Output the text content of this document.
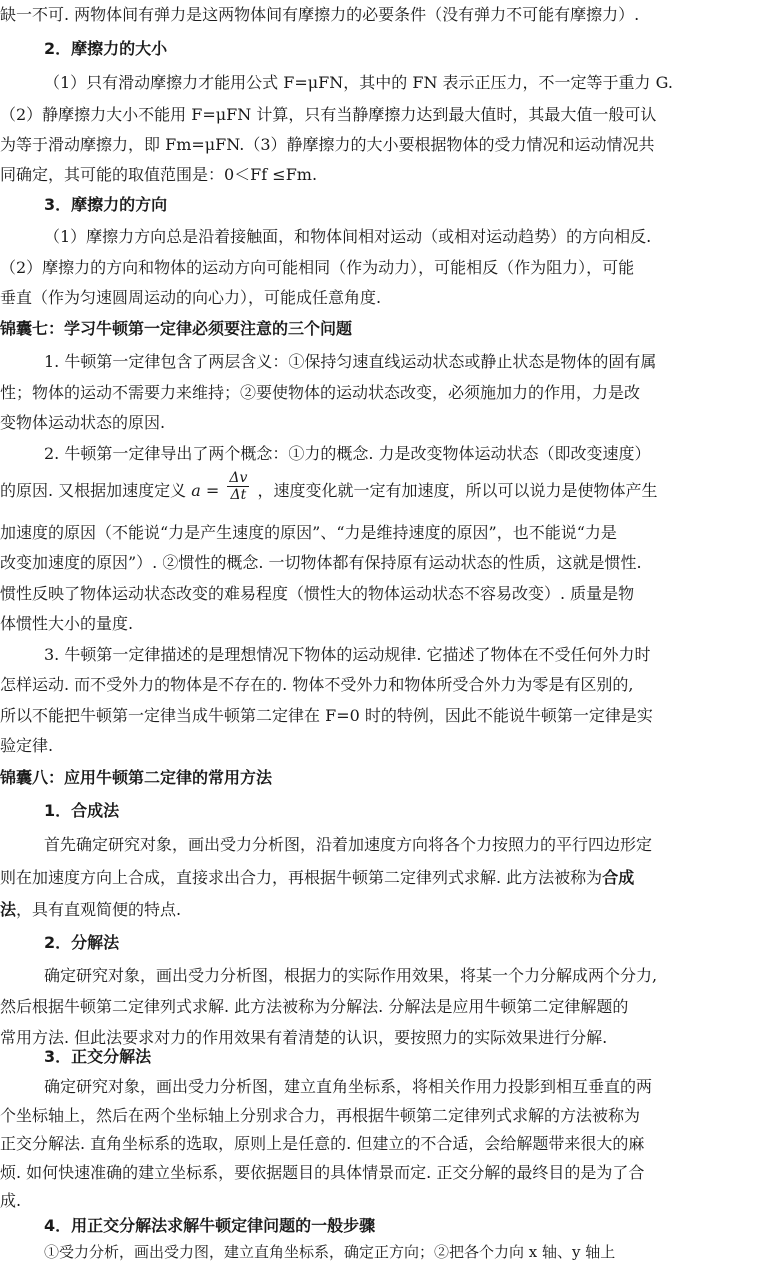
缺一不可. 两物体间有弹力是这两物体间有摩擦力的必要条件（没有弹力不可能有摩擦力）.
2．摩擦力的大小
（1）只有滑动摩擦力才能用公式 F=μFN，其中的 FN 表示正压力，不一定等于重力 G.
（2）静摩擦力大小不能用 F=μFN 计算，只有当静摩擦力达到最大值时，其最大值一般可认
为等于滑动摩擦力，即 Fm=μFN.（3）静摩擦力的大小要根据物体的受力情况和运动情况共
同确定，其可能的取值范围是：0＜Ff ≤Fm.
3．摩擦力的方向
（1）摩擦力方向总是沿着接触面，和物体间相对运动（或相对运动趋势）的方向相反.
（2）摩擦力的方向和物体的运动方向可能相同（作为动力），可能相反（作为阻力），可能
垂直（作为匀速圆周运动的向心力），可能成任意角度.
锦囊七：学习牛顿第一定律必须要注意的三个问题
1. 牛顿第一定律包含了两层含义：①保持匀速直线运动状态或静止状态是物体的固有属
性；物体的运动不需要力来维持；②要使物体的运动状态改变，必须施加力的作用，力是改
变物体运动状态的原因.
2. 牛顿第一定律导出了两个概念：①力的概念. 力是改变物体运动状态（即改变速度）
的原因. 又根据加速度定义 $a = \frac{\Delta v}{\Delta t}$ ，速度变化就一定有加速度，所以可以说力是使物体产生
加速度的原因（不能说“力是产生速度的原因”、“力是维持速度的原因”，也不能说“力是
改变加速度的原因”）. ②惯性的概念. 一切物体都有保持原有运动状态的性质，这就是惯性.
惯性反映了物体运动状态改变的难易程度（惯性大的物体运动状态不容易改变）. 质量是物
体惯性大小的量度.
3. 牛顿第一定律描述的是理想情况下物体的运动规律. 它描述了物体在不受任何外力时
怎样运动. 而不受外力的物体是不存在的. 物体不受外力和物体所受合外力为零是有区别的,
所以不能把牛顿第一定律当成牛顿第二定律在 F=0 时的特例，因此不能说牛顿第一定律是实
验定律.
锦囊八：应用牛顿第二定律的常用方法
1．合成法
首先确定研究对象，画出受力分析图，沿着加速度方向将各个力按照力的平行四边形定
则在加速度方向上合成，直接求出合力，再根据牛顿第二定律列式求解. 此方法被称为合成
法，具有直观简便的特点.
2．分解法
确定研究对象，画出受力分析图，根据力的实际作用效果，将某一个力分解成两个分力,
然后根据牛顿第二定律列式求解. 此方法被称为分解法. 分解法是应用牛顿第二定律解题的
常用方法. 但此法要求对力的作用效果有着清楚的认识，要按照力的实际效果进行分解.
3．正交分解法
确定研究对象，画出受力分析图，建立直角坐标系，将相关作用力投影到相互垂直的两
个坐标轴上，然后在两个坐标轴上分别求合力，再根据牛顿第二定律列式求解的方法被称为
正交分解法. 直角坐标系的选取，原则上是任意的. 但建立的不合适，会给解题带来很大的麻
烦. 如何快速准确的建立坐标系，要依据题目的具体情景而定. 正交分解的最终目的是为了合
成.
4．用正交分解法求解牛顿定律问题的一般步骤
①受力分析，画出受力图，建立直角坐标系，确定正方向；②把各个力向 x 轴、y 轴上
